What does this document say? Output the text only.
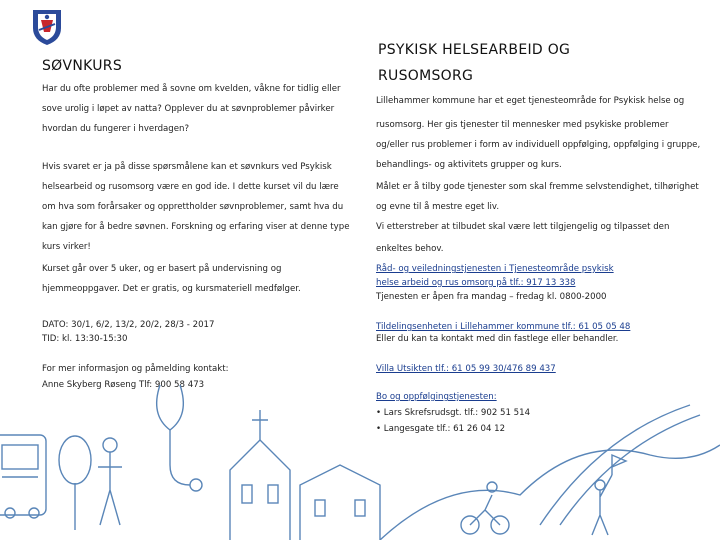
SØVNKURS
Har du ofte problemer med å sovne om kvelden, våkne for tidlig eller
sove urolig i løpet av natta? Opplever du at søvnproblemer påvirker
hvordan du fungerer i hverdagen?
Hvis svaret er ja på disse spørsmålene kan et søvnkurs ved Psykisk
helsearbeid og rusomsorg være en god ide. I dette kurset vil du lære
om hva som forårsaker og opprettholder søvnproblemer, samt hva du
kan gjøre for å bedre søvnen. Forskning og erfaring viser at denne type
kurs virker!
Kurset går over 5 uker, og er basert på undervisning og
hjemmeoppgaver. Det er gratis, og kursmateriell medfølger.
DATO: 30/1, 6/2, 13/2, 20/2, 28/3 - 2017
TID: kl. 13:30-15:30
For mer informasjon og påmelding kontakt:
Anne Skyberg Røseng Tlf: 900 58 473
PSYKISK HELSEARBEID OG
RUSOMSORG
Lillehammer kommune har et eget tjenesteområde for Psykisk helse og
rusomsorg. Her gis tjenester til mennesker med psykiske problemer
og/eller rus problemer i form av individuell oppfølging, oppfølging i gruppe,
behandlings- og aktivitets grupper og kurs.
Målet er å tilby gode tjenester som skal fremme selvstendighet, tilhørighet
og evne til å mestre eget liv.
Vi etterstreber at tilbudet skal være lett tilgjengelig og tilpasset den
enkeltes behov.
Råd- og veiledningstjenesten i Tjenesteområde psykisk
helse arbeid og rus omsorg på tlf.: 917 13 338
Tjenesten er åpen fra mandag – fredag kl. 0800-2000
Tildelingsenheten i Lillehammer kommune tlf.: 61 05 05 48
Eller du kan ta kontakt med din fastlege eller behandler.
Villa Utsikten tlf.: 61 05 99 30/476 89 437
Bo og oppfølgingstjenesten:
• Lars Skrefsrudsgt. tlf.: 902 51 514
• Langesgate tlf.: 61 26 04 12
